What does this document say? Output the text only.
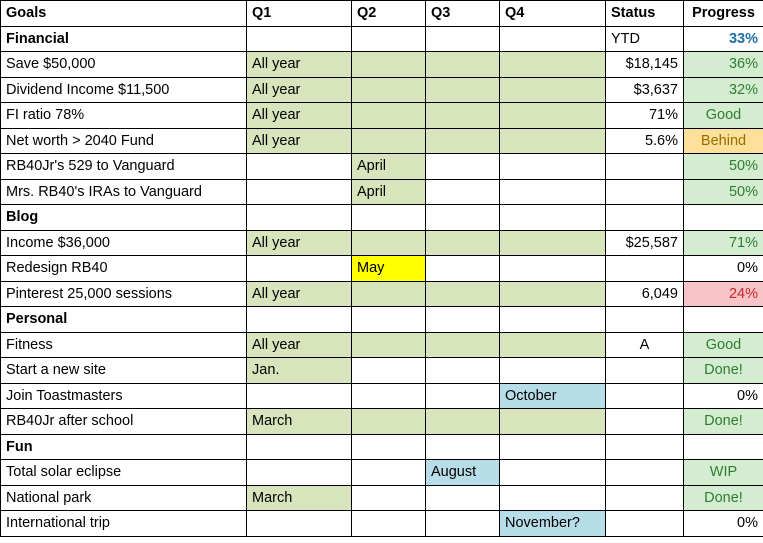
Goals	Q1	Q2	Q3	Q4	Status	Progress
Financial					YTD	33%
Save $50,000	All year				$18,145	36%
Dividend Income $11,500	All year				$3,637	32%
FI ratio 78%	All year				71%	Good
Net worth > 2040 Fund	All year				5.6%	Behind
RB40Jr's 529 to Vanguard		April				50%
Mrs. RB40's IRAs to Vanguard		April				50%
Blog						
Income $36,000	All year				$25,587	71%
Redesign RB40		May				0%
Pinterest 25,000 sessions	All year				6,049	24%
Personal						
Fitness	All year				A	Good
Start a new site	Jan.					Done!
Join Toastmasters				October		0%
RB40Jr after school	March					Done!
Fun						
Total solar eclipse			August			WIP
National park	March					Done!
International trip				November?		0%
